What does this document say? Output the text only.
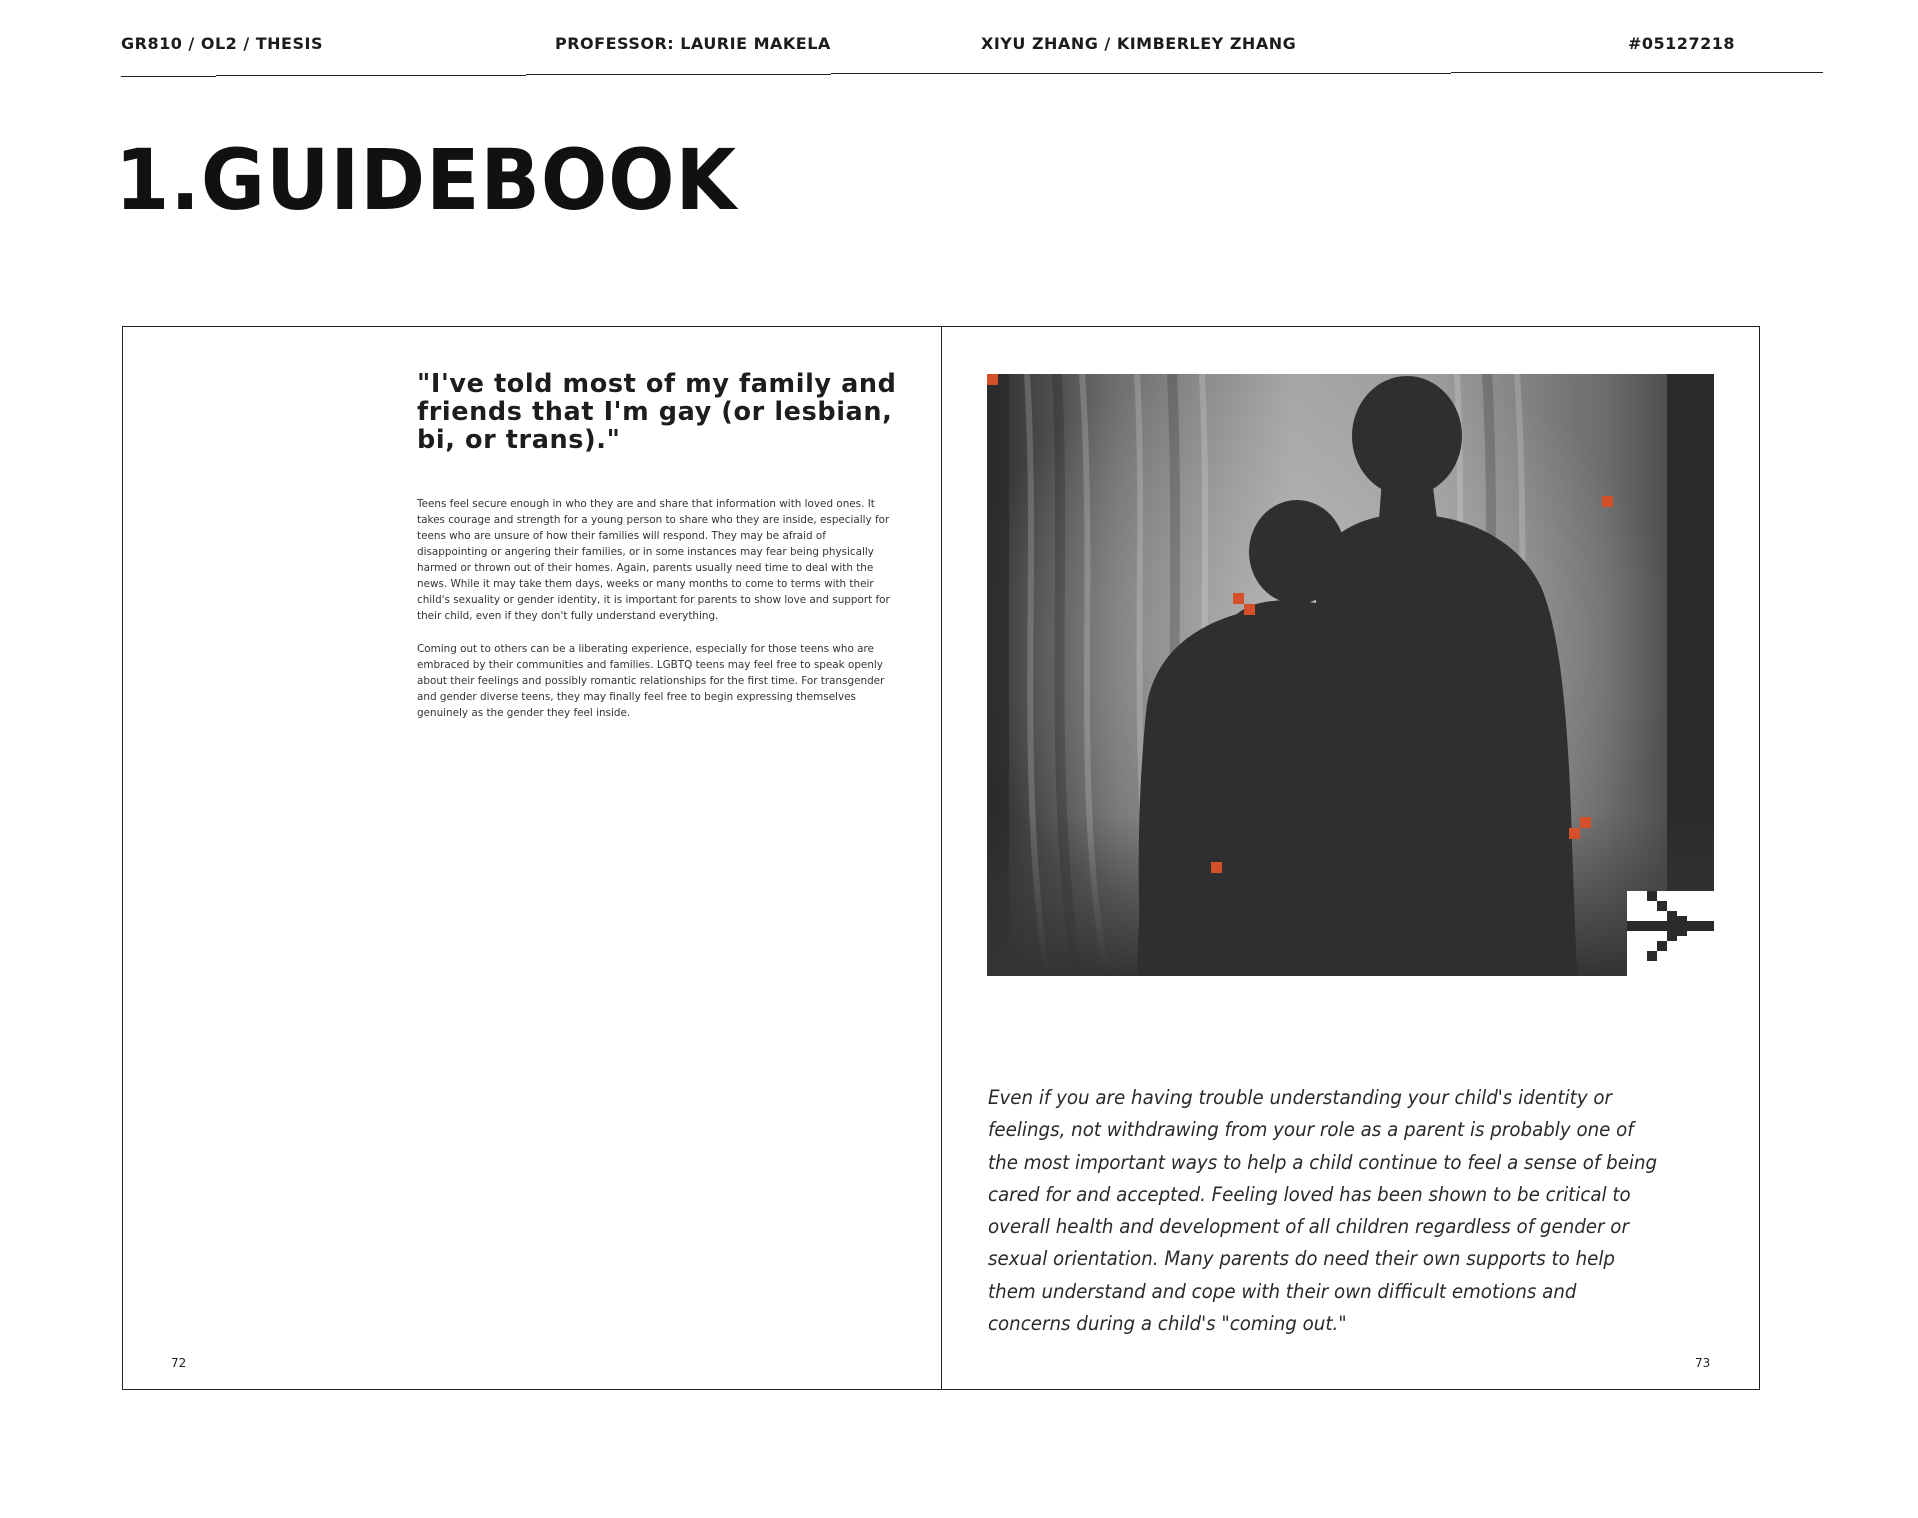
GR810 / OL2 / THESIS	PROFESSOR: LAURIE MAKELA	XIYU ZHANG / KIMBERLEY ZHANG	#05127218
1.GUIDEBOOK
"I've told most of my family and friends that I'm gay (or lesbian, bi, or trans)."

Teens feel secure enough in who they are and share that information with loved ones. It takes courage and strength for a young person to share who they are inside, especially for teens who are unsure of how their families will respond. They may be afraid of disappointing or angering their families, or in some instances may fear being physically harmed or thrown out of their homes. Again, parents usually need time to deal with the news. While it may take them days, weeks or many months to come to terms with their child's sexuality or gender identity, it is important for parents to show love and support for their child, even if they don't fully understand everything.

Coming out to others can be a liberating experience, especially for those teens who are embraced by their communities and families. LGBTQ teens may feel free to speak openly about their feelings and possibly romantic relationships for the first time. For transgender and gender diverse teens, they may finally feel free to begin expressing themselves genuinely as the gender they feel inside.

72

Even if you are having trouble understanding your child's identity or feelings, not withdrawing from your role as a parent is probably one of the most important ways to help a child continue to feel a sense of being cared for and accepted. Feeling loved has been shown to be critical to overall health and development of all children regardless of gender or sexual orientation. Many parents do need their own supports to help them understand and cope with their own difficult emotions and concerns during a child's "coming out."

73
